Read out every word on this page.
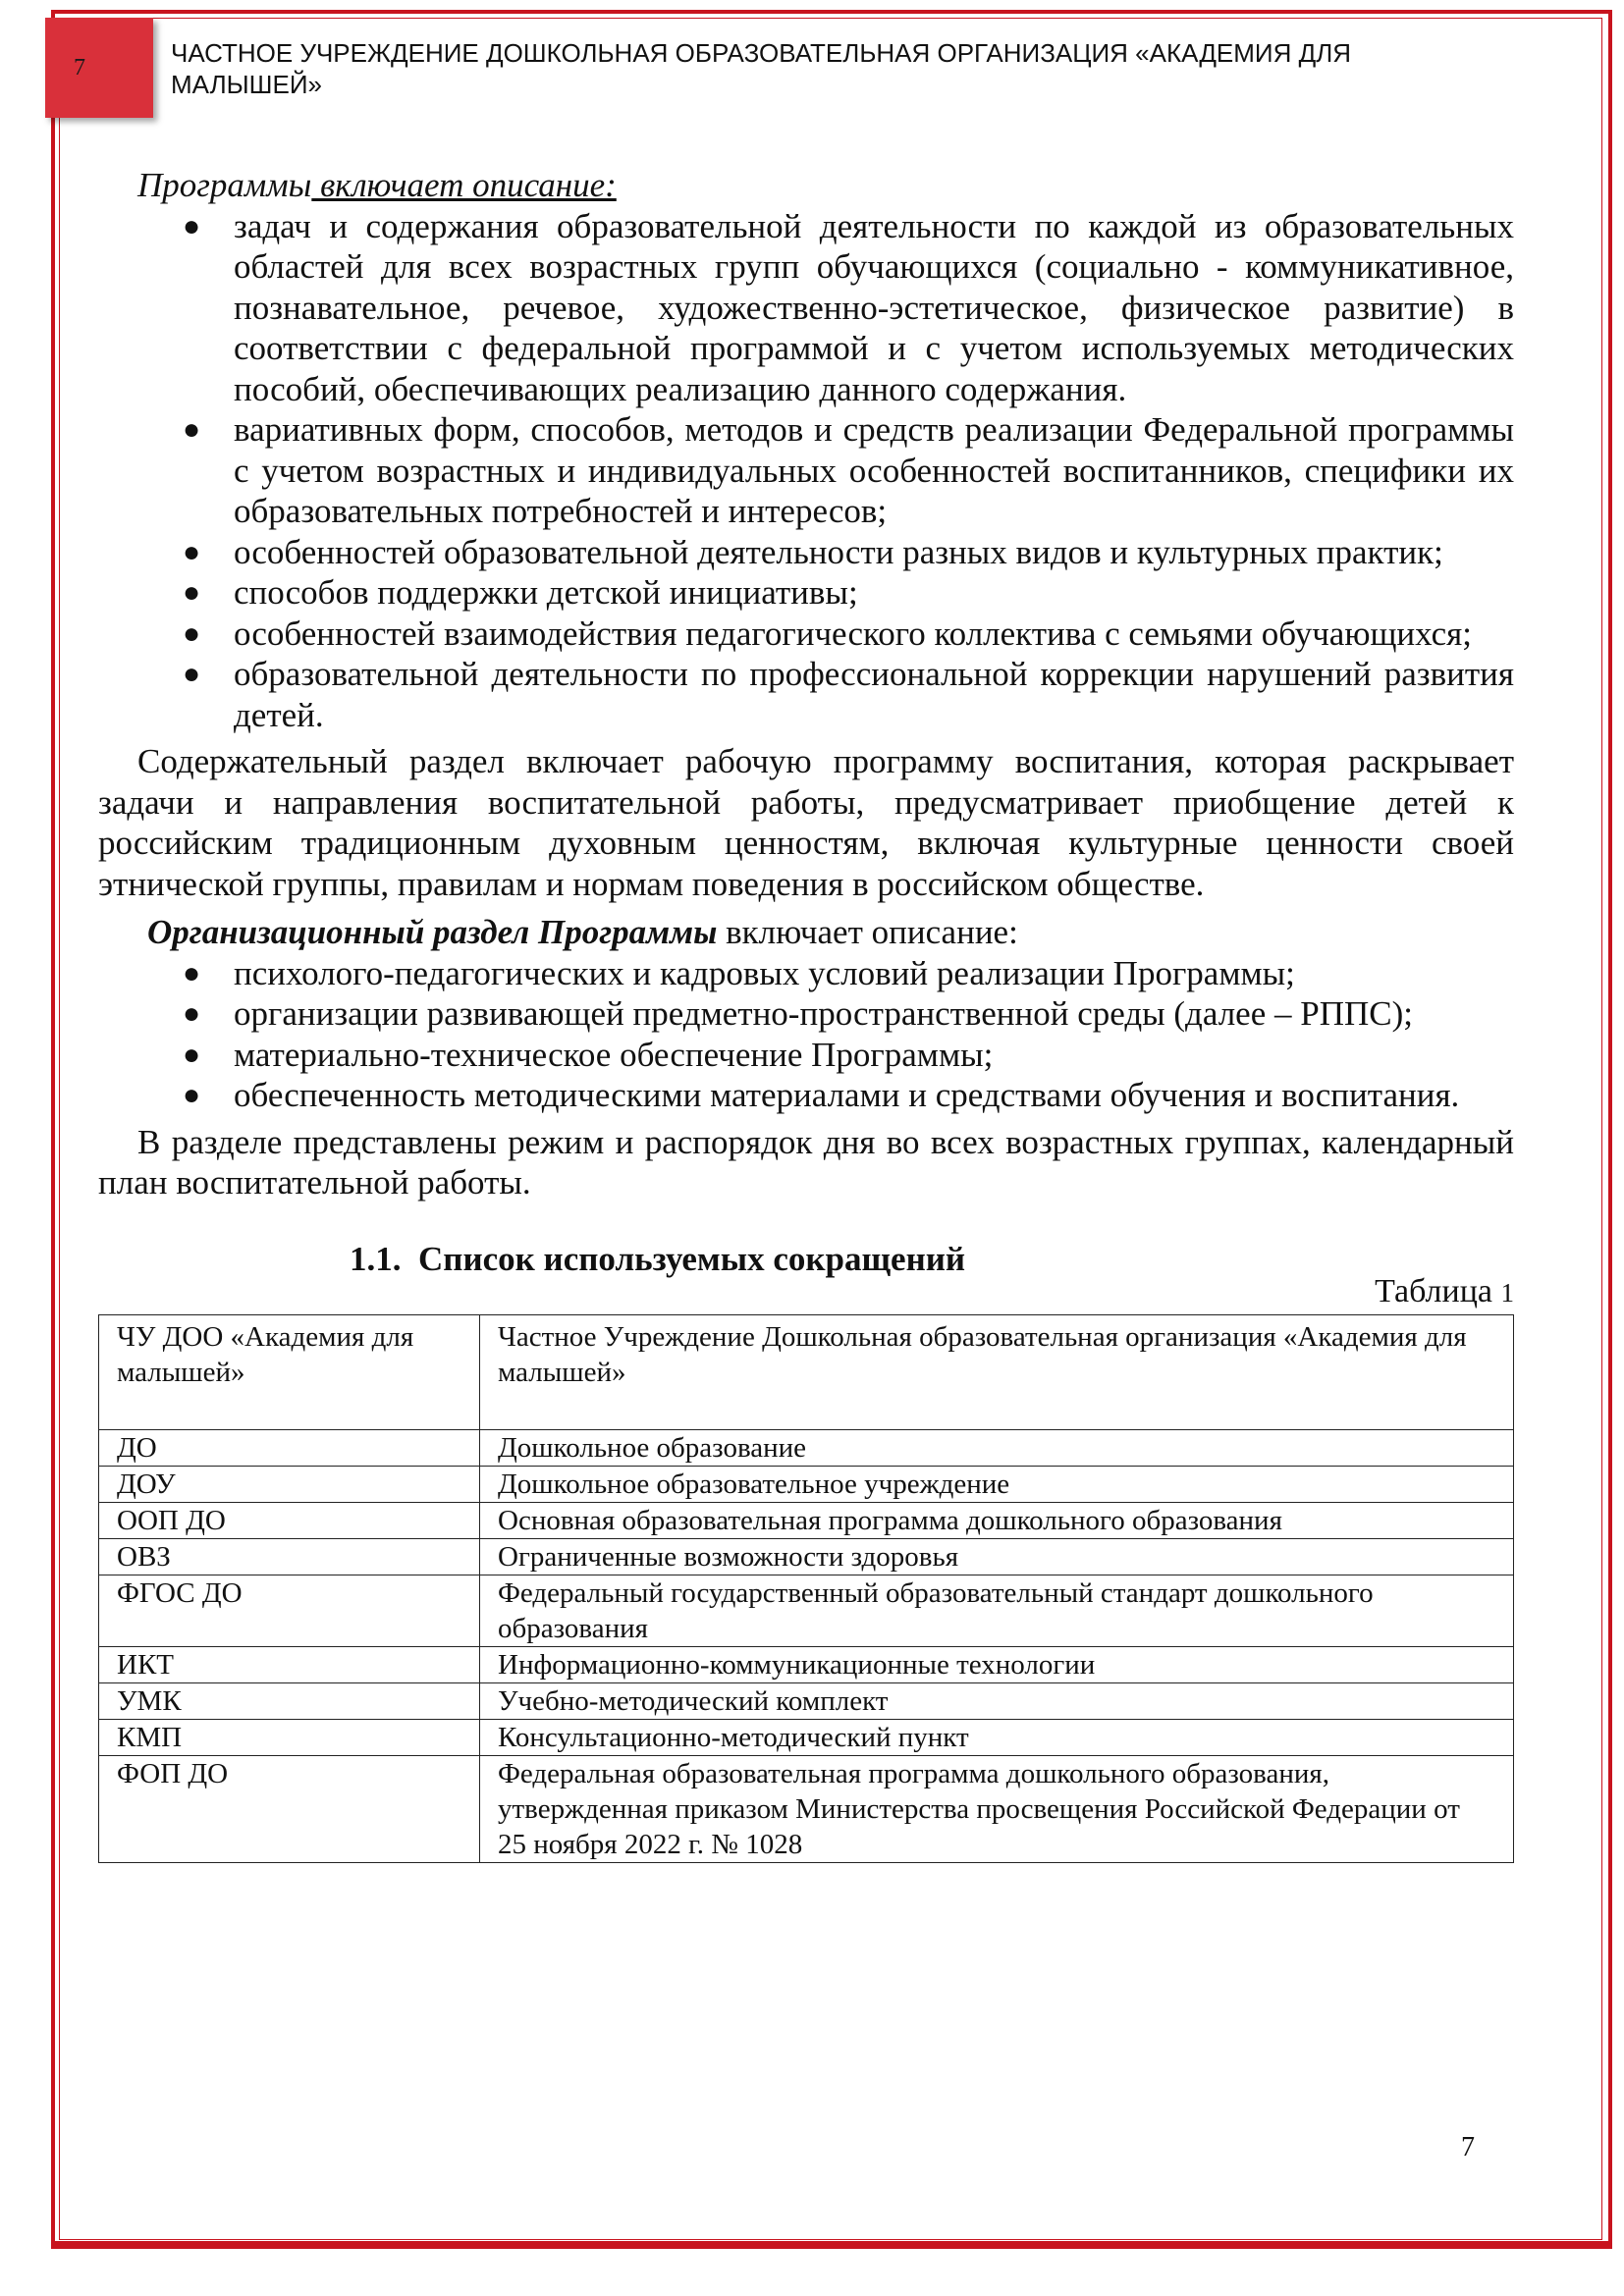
7	ЧАСТНОЕ УЧРЕЖДЕНИЕ ДОШКОЛЬНАЯ ОБРАЗОВАТЕЛЬНАЯ ОРГАНИЗАЦИЯ «АКАДЕМИЯ ДЛЯ МАЛЫШЕЙ»

Программы включает описание:

● задач и содержания образовательной деятельности по каждой из образовательных областей для всех возрастных групп обучающихся (социально - коммуникативное, познавательное, речевое, художественно-эстетическое, физическое развитие) в соответствии с федеральной программой и с учетом используемых методических пособий, обеспечивающих реализацию данного содержания.
● вариативных форм, способов, методов и средств реализации Федеральной программы с учетом возрастных и индивидуальных особенностей воспитанников, специфики их образовательных потребностей и интересов;
● особенностей образовательной деятельности разных видов и культурных практик;
● способов поддержки детской инициативы;
● особенностей взаимодействия педагогического коллектива с семьями обучающихся;
● образовательной деятельности по профессиональной коррекции нарушений развития детей.

Содержательный раздел включает рабочую программу воспитания, которая раскрывает задачи и направления воспитательной работы, предусматривает приобщение детей к российским традиционным духовным ценностям, включая культурные ценности своей этнической группы, правилам и нормам поведения в российском обществе.

Организационный раздел Программы включает описание:

● психолого-педагогических и кадровых условий реализации Программы;
● организации развивающей предметно-пространственной среды (далее – РППС);
● материально-техническое обеспечение Программы;
● обеспеченность методическими материалами и средствами обучения и воспитания.

В разделе представлены режим и распорядок дня во всех возрастных группах, календарный план воспитательной работы.

1.1. Список используемых сокращений
Таблица 1
ЧУ ДОО «Академия для малышей»	Частное Учреждение Дошкольная образовательная организация «Академия для малышей»
ДО	Дошкольное образование
ДОУ	Дошкольное образовательное учреждение
ООП ДО	Основная образовательная программа дошкольного образования
ОВЗ	Ограниченные возможности здоровья
ФГОС ДО	Федеральный государственный образовательный стандарт дошкольного образования
ИКТ	Информационно-коммуникационные технологии
УМК	Учебно-методический комплект
КМП	Консультационно-методический пункт
ФОП ДО	Федеральная образовательная программа дошкольного образования, утвержденная приказом Министерства просвещения Российской Федерации от 25 ноября 2022 г. № 1028
7
